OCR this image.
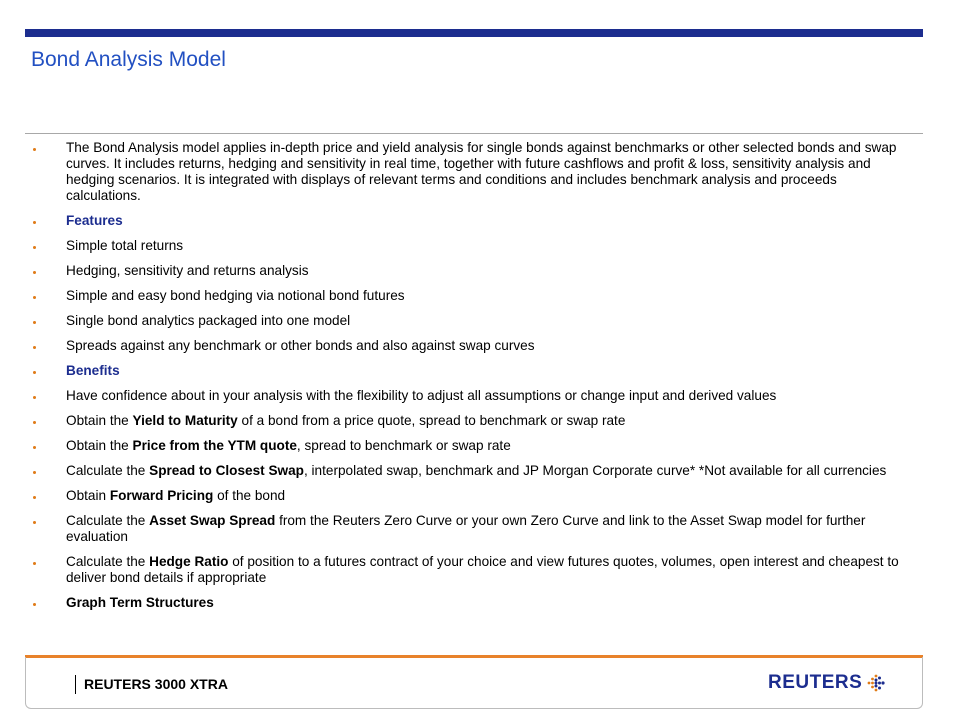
Bond Analysis Model
The Bond Analysis model applies in-depth price and yield analysis for single bonds against benchmarks or other selected bonds and swap curves. It includes returns, hedging and sensitivity in real time, together with future cashflows and profit & loss, sensitivity analysis and hedging scenarios. It is integrated with displays of relevant terms and conditions and includes benchmark analysis and proceeds calculations.
Features
Simple total returns
Hedging, sensitivity and returns analysis
Simple and easy bond hedging via notional bond futures
Single bond analytics packaged into one model
Spreads against any benchmark or other bonds and also against swap curves
Benefits
Have confidence about in your analysis with the flexibility to adjust all assumptions or change input and derived values
Obtain the Yield to Maturity of a bond from a price quote, spread to benchmark or swap rate
Obtain the Price from the YTM quote, spread to benchmark or swap rate
Calculate the Spread to Closest Swap, interpolated swap, benchmark and JP Morgan Corporate curve* *Not available for all currencies
Obtain Forward Pricing of the bond
Calculate the Asset Swap Spread from the Reuters Zero Curve or your own Zero Curve and link to the Asset Swap model for further evaluation
Calculate the Hedge Ratio of position to a futures contract of your choice and view futures quotes, volumes, open interest and cheapest to deliver bond details if appropriate
Graph Term Structures
REUTERS 3000 XTRA	REUTERS
